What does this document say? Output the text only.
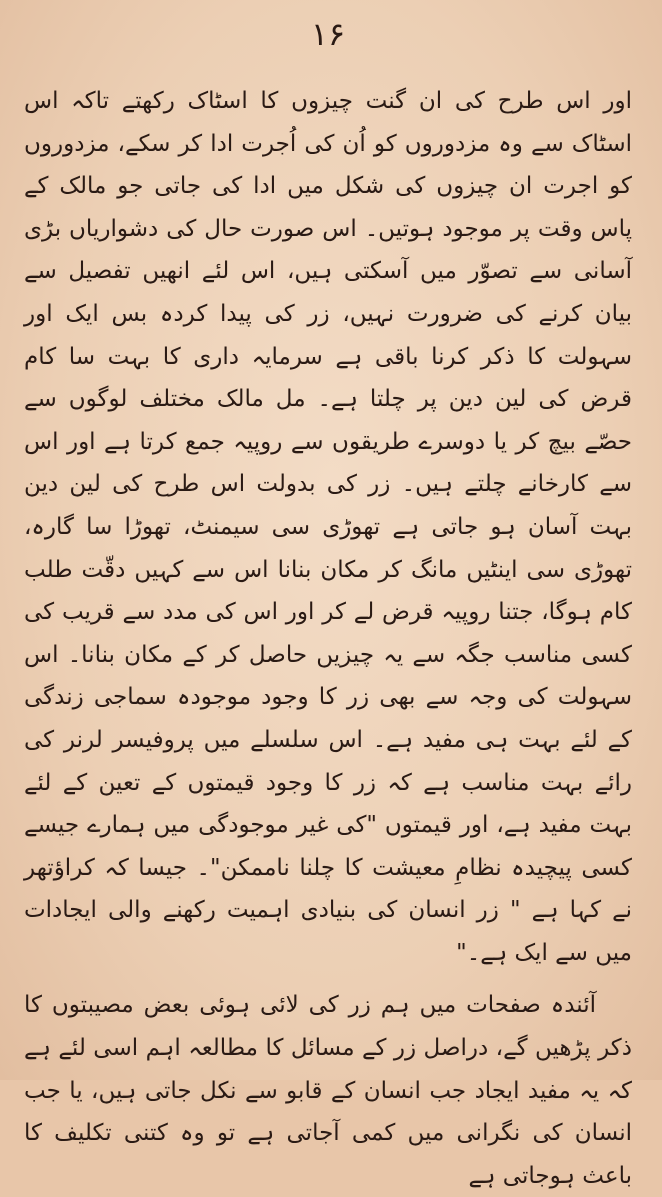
۱۶

اور اس طرح کی ان گنت چیزوں کا اسٹاک رکھتے تاکہ اس اسٹاک سے وہ مزدوروں کو اُن کی اُجرت ادا کر سکے، مزدوروں کو اجرت ان چیزوں کی شکل میں ادا کی جاتی جو مالک کے پاس وقت پر موجود ہوتیں۔ اس صورت حال کی دشواریاں بڑی آسانی سے تصوّر میں آسکتی ہیں، اس لئے انھیں تفصیل سے بیان کرنے کی ضرورت نہیں، زر کی پیدا کردہ بس ایک اور سہولت کا ذکر کرنا باقی ہے سرمایہ داری کا بہت سا کام قرض کی لین دین پر چلتا ہے۔ مل مالک مختلف لوگوں سے حصّے بیچ کر یا دوسرے طریقوں سے روپیہ جمع کرتا ہے اور اس سے کارخانے چلتے ہیں۔ زر کی بدولت اس طرح کی لین دین بہت آسان ہو جاتی ہے تھوڑی سی سیمنٹ، تھوڑا سا گارہ، تھوڑی سی اینٹیں مانگ کر مکان بنانا اس سے کہیں دقّت طلب کام ہوگا، جتنا روپیہ قرض لے کر اور اس کی مدد سے قریب کی کسی مناسب جگہ سے یہ چیزیں حاصل کر کے مکان بنانا۔ اس سہولت کی وجہ سے بھی زر کا وجود موجودہ سماجی زندگی کے لئے بہت ہی مفید ہے۔ اس سلسلے میں پروفیسر لرنر کی رائے بہت مناسب ہے کہ زر کا وجود قیمتوں کے تعین کے لئے بہت مفید ہے، اور قیمتوں "کی غیر موجودگی میں ہمارے جیسے کسی پیچیدہ نظامِ معیشت کا چلنا ناممکن"۔ جیسا کہ کراؤتھر نے کہا ہے " زر انسان کی بنیادی اہمیت رکھنے والی ایجادات میں سے ایک ہے۔"

آئندہ صفحات میں ہم زر کی لائی ہوئی بعض مصیبتوں کا ذکر پڑھیں گے، دراصل زر کے مسائل کا مطالعہ اہم اسی لئے ہے کہ یہ مفید ایجاد جب انسان کے قابو سے نکل جاتی ہیں، یا جب انسان کی نگرانی میں کمی آجاتی ہے تو وہ کتنی تکلیف کا باعث ہوجاتی ہے
